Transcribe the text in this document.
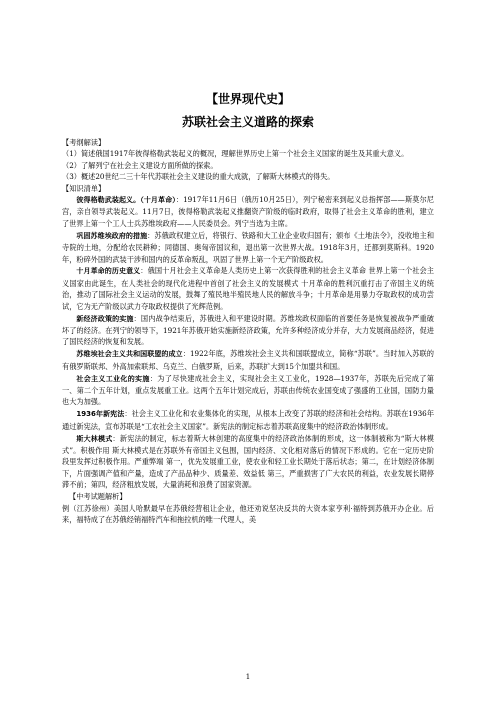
【世界现代史】
苏联社会主义道路的探索
【考纲解读】
（1）简述俄国1917年彼得格勒武装起义的概况，理解世界历史上第一个社会主义国家的诞生及其重大意义。
（2）了解列宁在社会主义建设方面所做的探索。
（3）概述20世纪二三十年代苏联社会主义建设的重大成就，了解斯大林模式的得失。
【知识清单】

彼得格勒武装起义。（十月革命）：1917年11月6日（俄历10月25日），列宁秘密来到起义总指挥部——斯莫尔尼宫，亲自领导武装起义。11月7日，彼得格勒武装起义推翻资产阶级的临时政府，取得了社会主义革命的胜利，建立了世界上第一个工人士兵苏维埃政府——人民委员会。列宁当选为主席。

巩固苏维埃政府的措施：苏俄政权建立后，将银行、铁路和大工业企业收归国有；颁布《土地法令》，没收地主和寺院的土地，分配给农民耕种；同德国、奥匈帝国议和，退出第一次世界大战。1918年3月，迁都到莫斯科。1920年，粉碎外国的武装干涉和国内的反革命叛乱，巩固了世界上第一个无产阶级政权。

十月革命的历史意义：俄国十月社会主义革命是人类历史上第一次获得胜利的社会主义革命 世界上第一个社会主义国家由此诞生，在人类社会的现代化进程中首创了社会主义的发展模式 十月革命的胜利沉重打击了帝国主义的统治，推动了国际社会主义运动的发展，鼓舞了殖民地半殖民地人民的解放斗争；十月革命是用暴力夺取政权的成功尝试，它为无产阶级以武力夺取政权提供了光辉范例。

新经济政策的实施：国内战争结束后，苏俄进入和平建设时期。苏维埃政权面临的首要任务是恢复被战争严重破坏了的经济。在列宁的领导下，1921年苏俄开始实施新经济政策，允许多种经济成分并存，大力发展商品经济，促进了国民经济的恢复和发展。

苏维埃社会主义共和国联盟的成立：1922年底，苏维埃社会主义共和国联盟成立，简称“苏联”。当时加入苏联的有俄罗斯联邦、外高加索联邦、乌克兰、白俄罗斯，后来，苏联扩大到15个加盟共和国。

社会主义工业化的实施：为了尽快建成社会主义，实现社会主义工业化，1928—1937年，苏联先后完成了第一、第二个五年计划，重点发展重工业。这两个五年计划完成后，苏联由传统农业国变成了强盛的工业国，国防力量也大为加强。

1936年新宪法：社会主义工业化和农业集体化的实现，从根本上改变了苏联的经济和社会结构。苏联在1936年通过新宪法，宣布苏联是“工农社会主义国家”。新宪法的制定标志着苏联高度集中的经济政治体制形成。

斯大林模式：新宪法的制定，标志着斯大林创建的高度集中的经济政治体制的形成，这一体制被称为“斯大林模式”。积极作用 斯大林模式是在苏联外有帝国主义包围，国内经济、文化相对落后的情况下形成的。它在一定历史阶段里发挥过积极作用。严重弊端 第一，优先发展重工业，使农业和轻工业长期处于落后状态；第二，在计划经济体制下，片面强调产值和产量，造成了产品品种少、质量差、效益低 第三，严重损害了广大农民的利益，农业发展长期停滞不前；第四，经济粗放发展，大量消耗和浪费了国家资源。

【中考试题解析】

例（江苏徐州）美国人哈默最早在苏俄经营租让企业，他还劝说坚决反共的大资本家亨利·福特到苏俄开办企业。后来，福特成了在苏俄经销福特汽车和拖拉机的唯一代理人，美

1
